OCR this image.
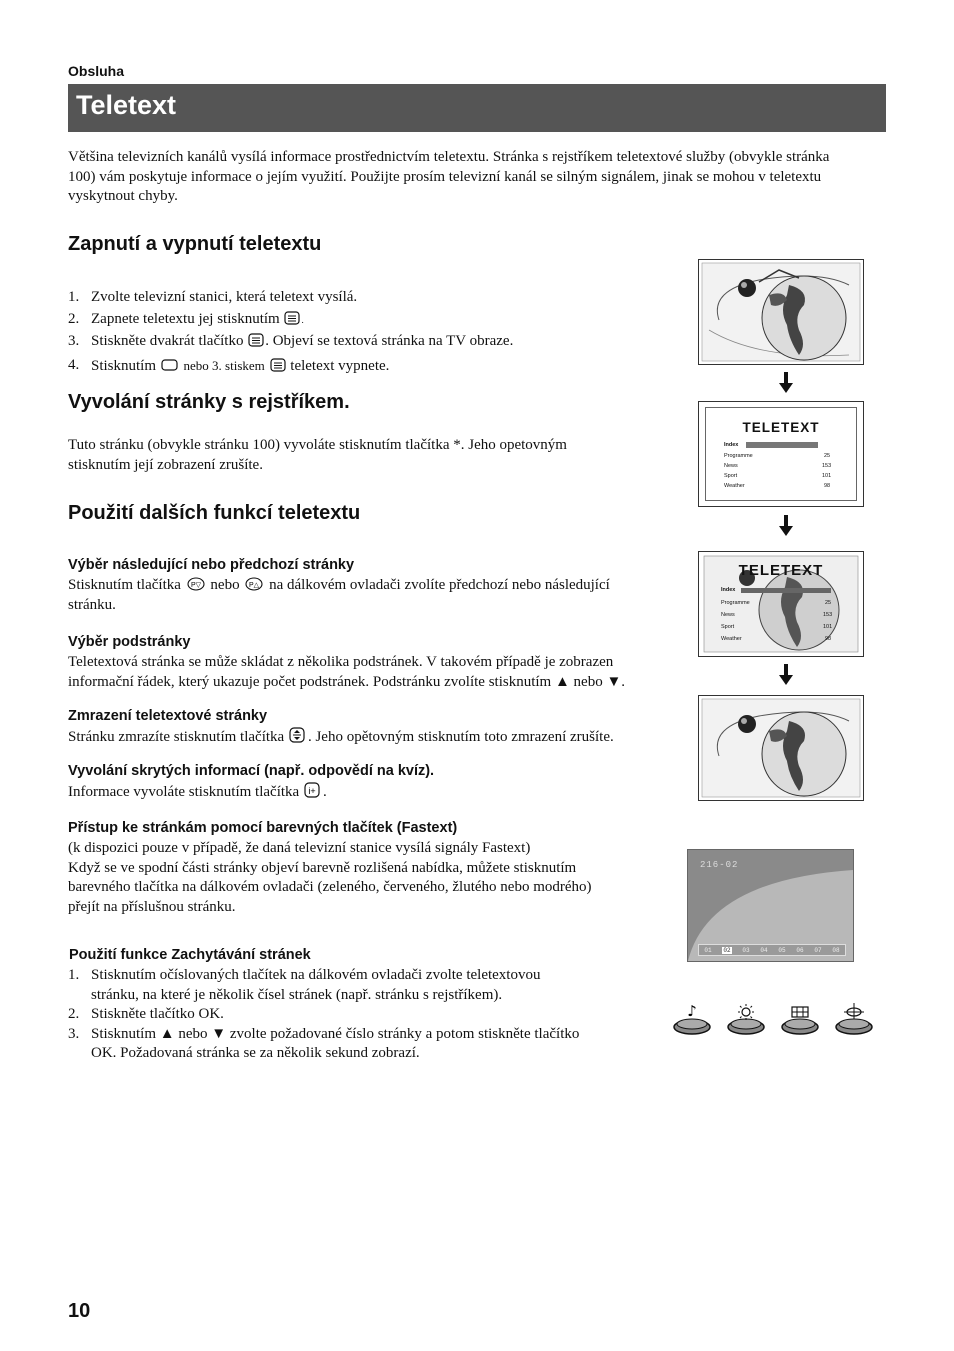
Obsluha
Teletext
Většina televizních kanálů vysílá informace prostřednictvím teletextu. Stránka s rejstříkem teletextové služby (obvykle stránka
100) vám poskytuje informace o jejím využití. Použijte prosím televizní kanál se silným signálem, jinak se mohou v teletextu
vyskytnout chyby.
Zapnutí a vypnutí teletextu
1. Zvolte televizní stanici, která teletext vysílá.
2. Zapnete teletextu jej stisknutím .
3. Stiskněte dvakrát tlačítko . Objeví se textová stránka na TV obraze.
4. Stisknutím nebo 3. stiskem teletext vypnete.
Vyvolání stránky s rejstříkem.
Tuto stránku (obvykle stránku 100) vyvoláte stisknutím tlačítka *. Jeho opetovným
stisknutím její zobrazení zrušíte.
Použití dalších funkcí teletextu
Výběr následující nebo předchozí stránky
Stisknutím tlačítka P▽ nebo P△ na dálkovém ovladači zvolíte předchozí nebo následující
stránku.
Výběr podstránky
Teletextová stránka se může skládat z několika podstránek. V takovém případě je zobrazen
informační řádek, který ukazuje počet podstránek. Podstránku zvolíte stisknutím ▲ nebo ▼.
Zmrazení teletextové stránky
Stránku zmrazíte stisknutím tlačítka . Jeho opětovným stisknutím toto zmrazení zrušíte.
Vyvolání skrytých informací (např. odpovědí na kvíz).
Informace vyvoláte stisknutím tlačítka i+ .
Přístup ke stránkám pomocí barevných tlačítek (Fastext)
(k dispozici pouze v případě, že daná televizní stanice vysílá signály Fastext)
Když se ve spodní části stránky objeví barevně rozlišená nabídka, můžete stisknutím
barevného tlačítka na dálkovém ovladači (zeleného, červeného, žlutého nebo modrého)
přejít na příslušnou stránku.
Použití funkce Zachytávání stránek
1. Stisknutím očíslovaných tlačítek na dálkovém ovladači zvolte teletextovou
stránku, na které je několik čísel stránek (např. stránku s rejstříkem).
2. Stiskněte tlačítko OK.
3. Stisknutím ▲ nebo ▼ zvolte požadované číslo stránky a potom stiskněte tlačítko
OK. Požadovaná stránka se za několik sekund zobrazí.
TELETEXT
Index
Programme	25
News	153
Sport	101
Weather	98
TELETEXT
Index
Programme	25
News	153
Sport	101
Weather	98
216-02
01 02 03 04 05 06 07 08
♪
10
